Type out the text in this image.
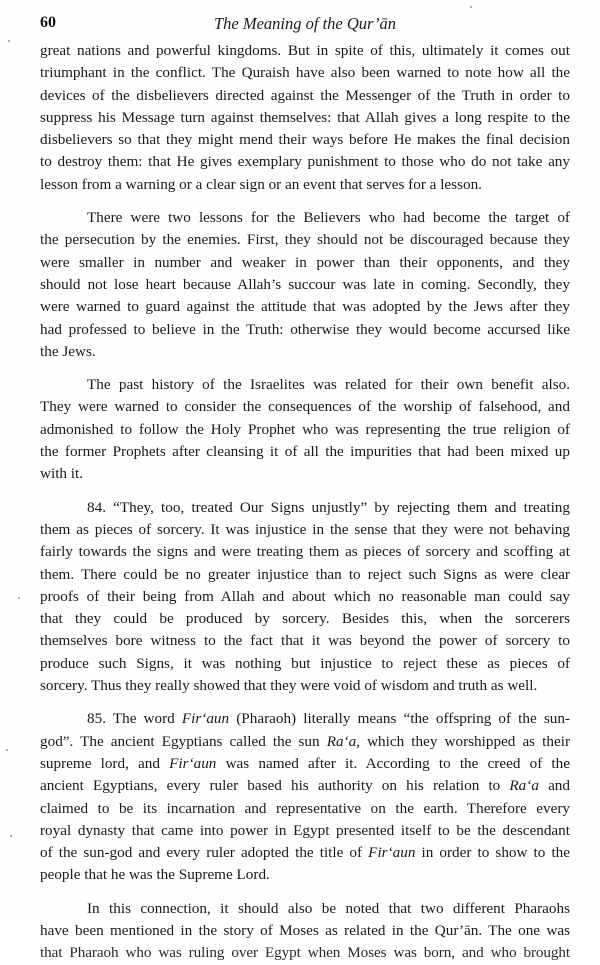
60	The Meaning of the Qur’ān
great nations and powerful kingdoms. But in spite of this, ultimately it comes out
triumphant in the conflict. The Quraish have also been warned to note how all the
devices of the disbelievers directed against the Messenger of the Truth in order to
suppress his Message turn against themselves: that Allah gives a long respite to the
disbelievers so that they might mend their ways before He makes the final decision
to destroy them: that He gives exemplary punishment to those who do not take any
lesson from a warning or a clear sign or an event that serves for a lesson.
There were two lessons for the Believers who had become the target of
the persecution by the enemies. First, they should not be discouraged because they
were smaller in number and weaker in power than their opponents, and they
should not lose heart because Allah’s succour was late in coming. Secondly, they
were warned to guard against the attitude that was adopted by the Jews after they
had professed to believe in the Truth: otherwise they would become accursed like
the Jews.
The past history of the Israelites was related for their own benefit also.
They were warned to consider the consequences of the worship of falsehood, and
admonished to follow the Holy Prophet who was representing the true religion of
the former Prophets after cleansing it of all the impurities that had been mixed up
with it.
84. “They, too, treated Our Signs unjustly” by rejecting them and treating
them as pieces of sorcery. It was injustice in the sense that they were not behaving
fairly towards the signs and were treating them as pieces of sorcery and scoffing at
them. There could be no greater injustice than to reject such Signs as were clear
proofs of their being from Allah and about which no reasonable man could say
that they could be produced by sorcery. Besides this, when the sorcerers
themselves bore witness to the fact that it was beyond the power of sorcery to
produce such Signs, it was nothing but injustice to reject these as pieces of
sorcery. Thus they really showed that they were void of wisdom and truth as well.
85. The word Fir‘aun (Pharaoh) literally means “the offspring of the sun-
god”. The ancient Egyptians called the sun Ra‘a, which they worshipped as their
supreme lord, and Fir‘aun was named after it. According to the creed of the
ancient Egyptians, every ruler based his authority on his relation to Ra‘a and
claimed to be its incarnation and representative on the earth. Therefore every
royal dynasty that came into power in Egypt presented itself to be the descendant
of the sun-god and every ruler adopted the title of Fir‘aun in order to show to the
people that he was the Supreme Lord.
In this connection, it should also be noted that two different Pharaohs
have been mentioned in the story of Moses as related in the Qur’ān. The one was
that Pharaoh who was ruling over Egypt when Moses was born, and who brought
